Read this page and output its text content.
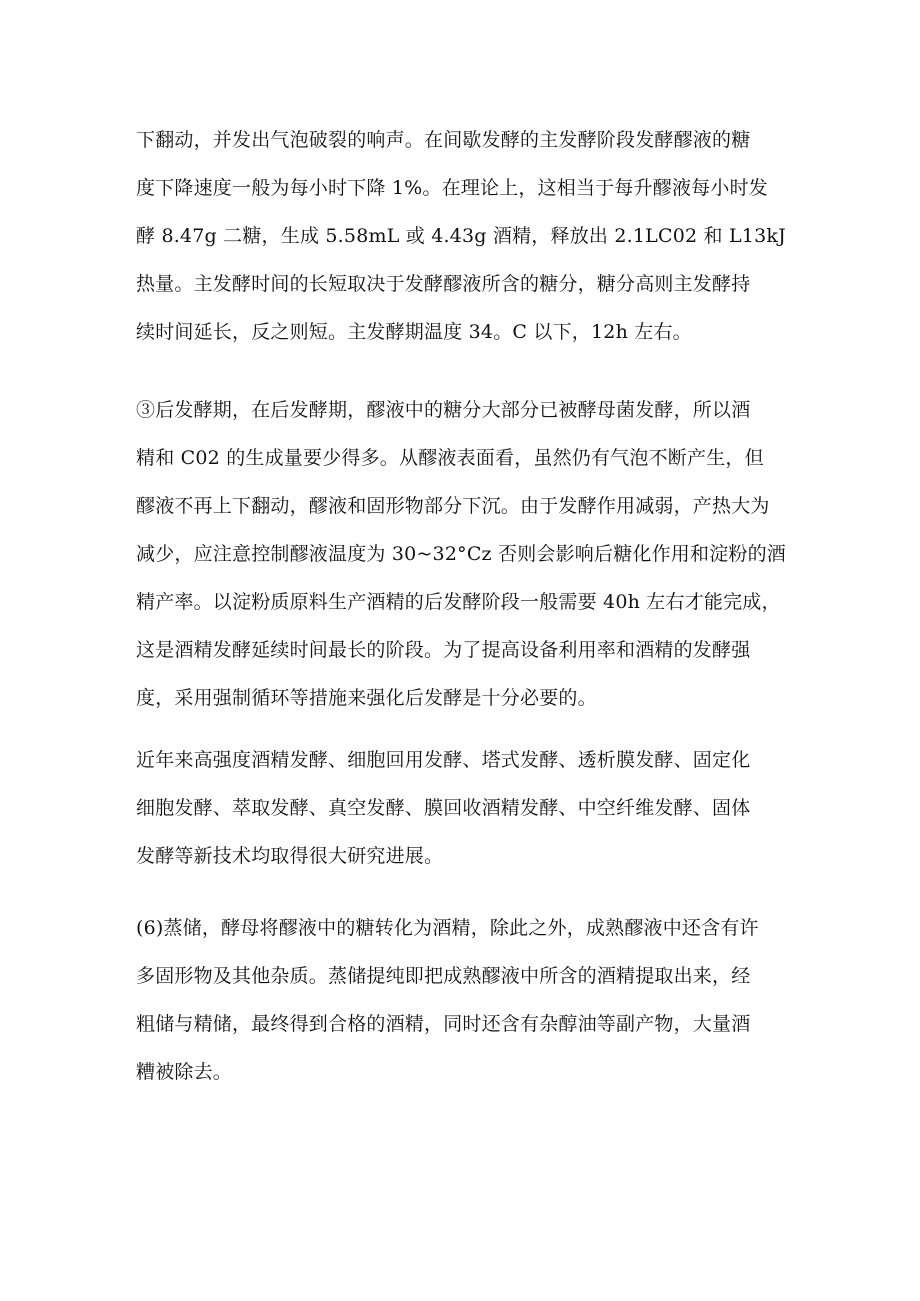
下翻动，并发出气泡破裂的响声。在间歇发酵的主发酵阶段发酵醪液的糖
度下降速度一般为每小时下降 1%。在理论上，这相当于每升醪液每小时发
酵 8.47g 二糖，生成 5.58mL 或 4.43g 酒精，释放出 2.1LC02 和 L13kJ
热量。主发酵时间的长短取决于发酵醪液所含的糖分，糖分高则主发酵持
续时间延长，反之则短。主发酵期温度 34。C 以下，12h 左右。

③后发酵期，在后发酵期，醪液中的糖分大部分已被酵母菌发酵，所以酒
精和 C02 的生成量要少得多。从醪液表面看，虽然仍有气泡不断产生，但
醪液不再上下翻动，醪液和固形物部分下沉。由于发酵作用减弱，产热大为
减少，应注意控制醪液温度为 30~32°Cz 否则会影响后糖化作用和淀粉的酒
精产率。以淀粉质原料生产酒精的后发酵阶段一般需要 40h 左右才能完成，
这是酒精发酵延续时间最长的阶段。为了提高设备利用率和酒精的发酵强
度，采用强制循环等措施来强化后发酵是十分必要的。

近年来高强度酒精发酵、细胞回用发酵、塔式发酵、透析膜发酵、固定化
细胞发酵、萃取发酵、真空发酵、膜回收酒精发酵、中空纤维发酵、固体
发酵等新技术均取得很大研究进展。

(6)蒸储，酵母将醪液中的糖转化为酒精，除此之外，成熟醪液中还含有许
多固形物及其他杂质。蒸储提纯即把成熟醪液中所含的酒精提取出来，经
粗储与精储，最终得到合格的酒精，同时还含有杂醇油等副产物，大量酒
糟被除去。
